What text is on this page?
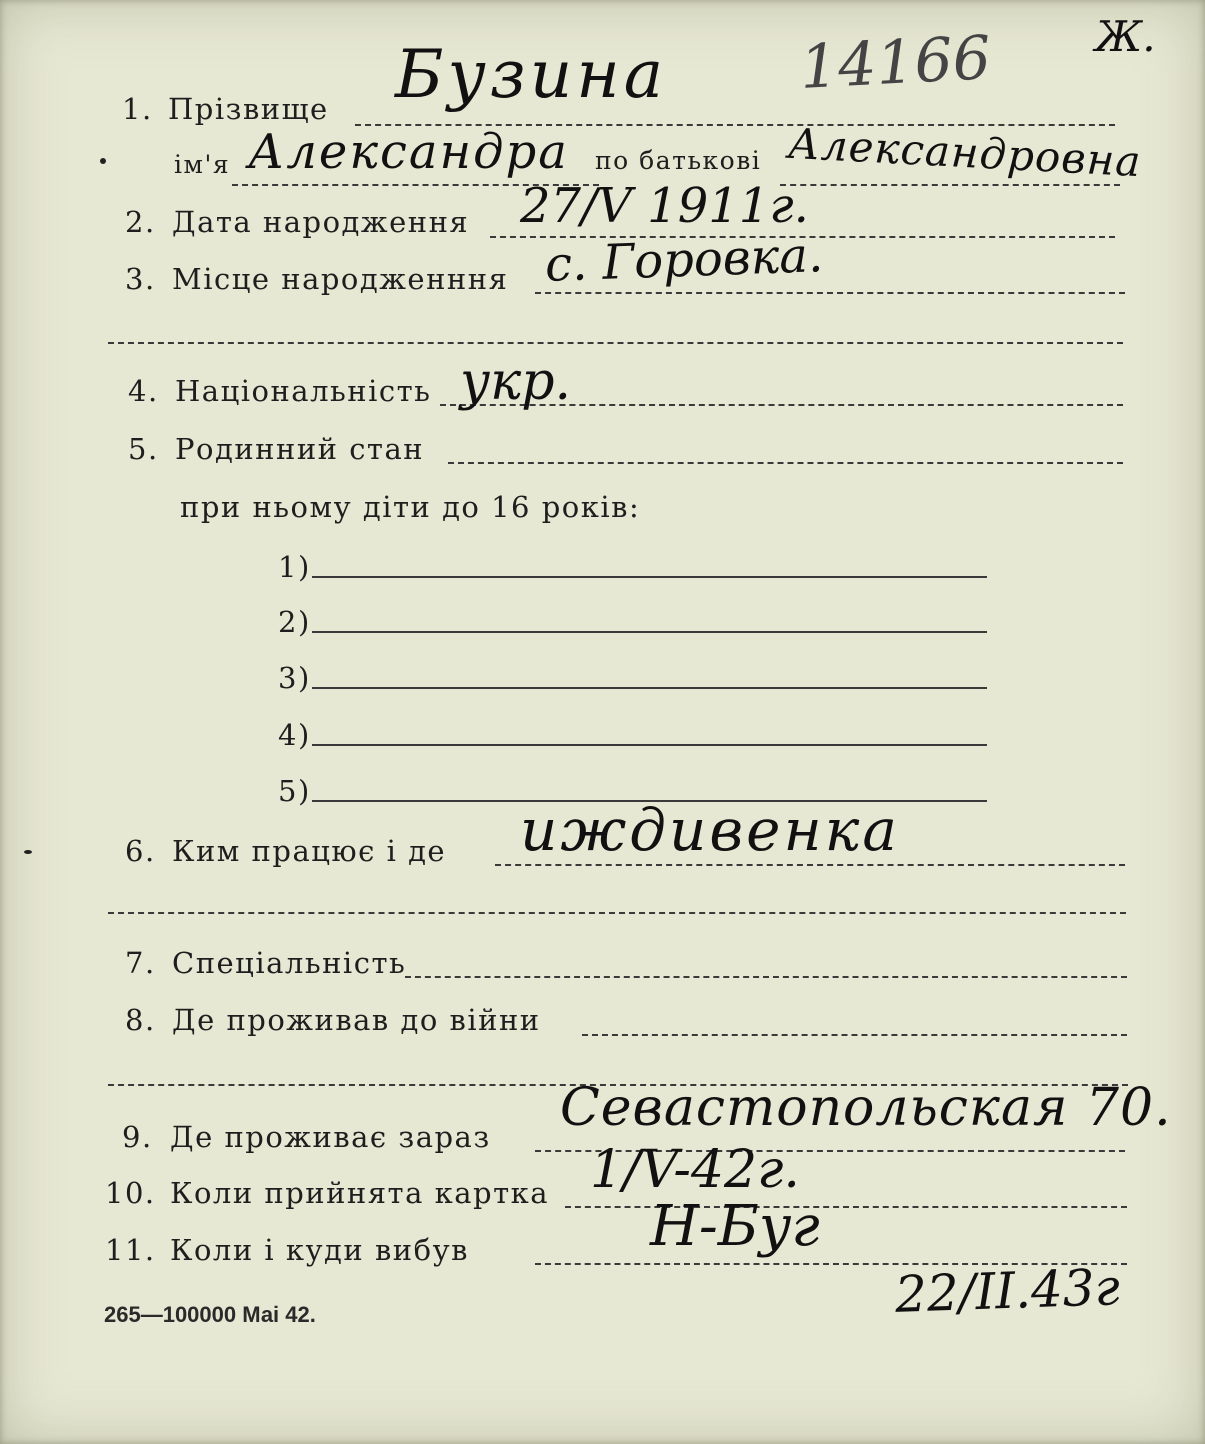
14166 Ж.
1. Прізвище Бузина
ім'я	по батькові
Александра	Александровна
2. Дата народження 27/V 1911г.
3. Місце народженння с. Горовка.
4. Національність укр.
5. Родинний стан
при ньому діти до 16 років:
1)
2)
3)
4)
5)
6. Ким працює і де иждивенка
7. Спеціальність
8. Де проживав до війни
9. Де проживає зараз Севастопольская 70.
10. Коли прийнята картка 1/V-42г.
11. Коли і куди вибув	Н-Буг
22/II.43г
265—100000 Маі 42.
